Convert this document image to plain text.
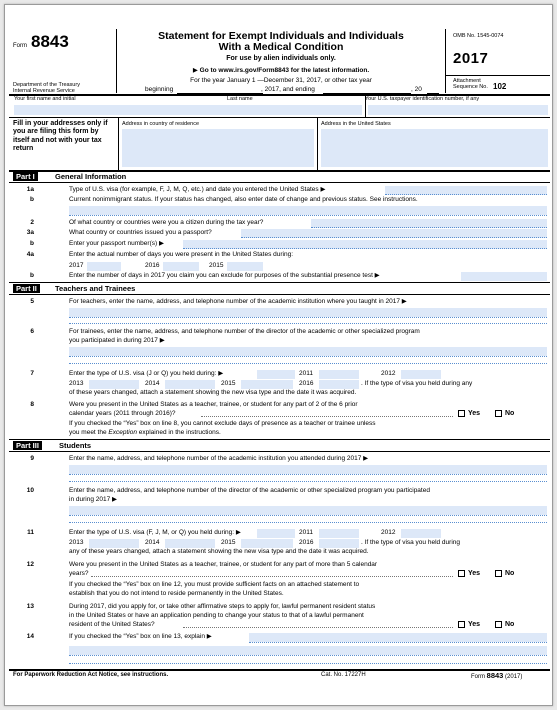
Form 8843
Department of the Treasury
Internal Revenue Service
Statement for Exempt Individuals and Individuals
With a Medical Condition
For use by alien individuals only.
▶ Go to www.irs.gov/Form8843 for the latest information.
For the year January 1 —December 31, 2017, or other tax year
beginning	, 2017, and ending	, 20
OMB No. 1545-0074
2017
Attachment
Sequence No. 102
Your first name and initial	Last name	Your U.S. taxpayer identification number, if any
Fill in your addresses only if you are filing this form by itself and not with your tax return
Address in country of residence	Address in the United States
Part I	General Information
1a	Type of U.S. visa (for example, F, J, M, Q, etc.) and date you entered the United States ▶
b	Current nonimmigrant status. If your status has changed, also enter date of change and previous status. See instructions.
2	Of what country or countries were you a citizen during the tax year?
3a	What country or countries issued you a passport?
b	Enter your passport number(s) ▶
4a	Enter the actual number of days you were present in the United States during:
2017	2016	2015
b	Enter the number of days in 2017 you claim you can exclude for purposes of the substantial presence test ▶
Part II	Teachers and Trainees
5	For teachers, enter the name, address, and telephone number of the academic institution where you taught in 2017 ▶
6	For trainees, enter the name, address, and telephone number of the director of the academic or other specialized program
you participated in during 2017 ▶
7	Enter the type of U.S. visa (J or Q) you held during: ▶	2011	2012
2013	2014	2015	2016	. If the type of visa you held during any
of these years changed, attach a statement showing the new visa type and the date it was acquired.
8	Were you present in the United States as a teacher, trainee, or student for any part of 2 of the 6 prior
calendar years (2011 through 2016)?	Yes	No
If you checked the “Yes” box on line 8, you cannot exclude days of presence as a teacher or trainee unless
you meet the Exception explained in the instructions.
Part III	Students
9	Enter the name, address, and telephone number of the academic institution you attended during 2017 ▶
10	Enter the name, address, and telephone number of the director of the academic or other specialized program you participated
in during 2017 ▶
11	Enter the type of U.S. visa (F, J, M, or Q) you held during: ▶	2011	2012
2013	2014	2015	2016	. If the type of visa you held during
any of these years changed, attach a statement showing the new visa type and the date it was acquired.
12	Were you present in the United States as a teacher, trainee, or student for any part of more than 5 calendar
years?	Yes	No
If you checked the “Yes” box on line 12, you must provide sufficient facts on an attached statement to
establish that you do not intend to reside permanently in the United States.
13	During 2017, did you apply for, or take other affirmative steps to apply for, lawful permanent resident status
in the United States or have an application pending to change your status to that of a lawful permanent
resident of the United States?	Yes	No
14	If you checked the “Yes” box on line 13, explain ▶
For Paperwork Reduction Act Notice, see instructions.	Cat. No. 17227H	Form 8843 (2017)
